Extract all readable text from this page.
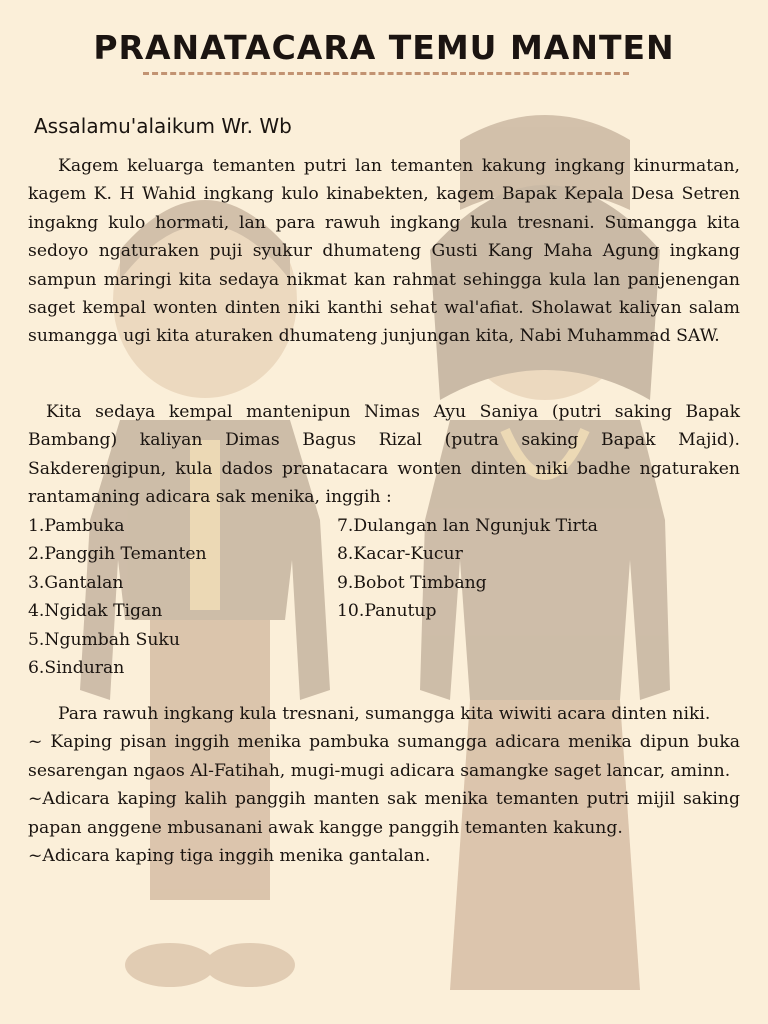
PRANATACARA TEMU MANTEN
Assalamu'alaikum Wr. Wb

Kagem keluarga temanten putri lan temanten kakung ingkang kinurmatan, kagem K. H Wahid ingkang kulo kinabekten, kagem Bapak Kepala Desa Setren ingakng kulo hormati, lan para rawuh ingkang kula tresnani. Sumangga kita sedoyo ngaturaken puji syukur dhumateng Gusti Kang Maha Agung ingkang sampun maringi kita sedaya nikmat kan rahmat sehingga kula lan panjenengan saget kempal wonten dinten niki kanthi sehat wal'afiat. Sholawat kaliyan salam sumangga ugi kita aturaken dhumateng junjungan kita, Nabi Muhammad SAW.

Kita sedaya kempal mantenipun Nimas Ayu Saniya (putri saking Bapak Bambang) kaliyan Dimas Bagus Rizal (putra saking Bapak Majid). Sakderengipun, kula dados pranatacara wonten dinten niki badhe ngaturaken rantamaning adicara sak menika, inggih :

1.Pambuka
2.Panggih Temanten
3.Gantalan
4.Ngidak Tigan
5.Ngumbah Suku
6.Sinduran
7.Dulangan lan Ngunjuk Tirta
8.Kacar-Kucur
9.Bobot Timbang
10.Panutup
Para rawuh ingkang kula tresnani, sumangga kita wiwiti acara dinten niki.
~ Kaping pisan inggih menika pambuka sumangga adicara menika dipun buka sesarengan ngaos Al-Fatihah, mugi-mugi adicara samangke saget lancar, aminn.
~Adicara kaping kalih panggih manten sak menika temanten putri mijil saking papan anggene mbusanani awak kangge panggih temanten kakung.
~Adicara kaping tiga inggih menika gantalan.
